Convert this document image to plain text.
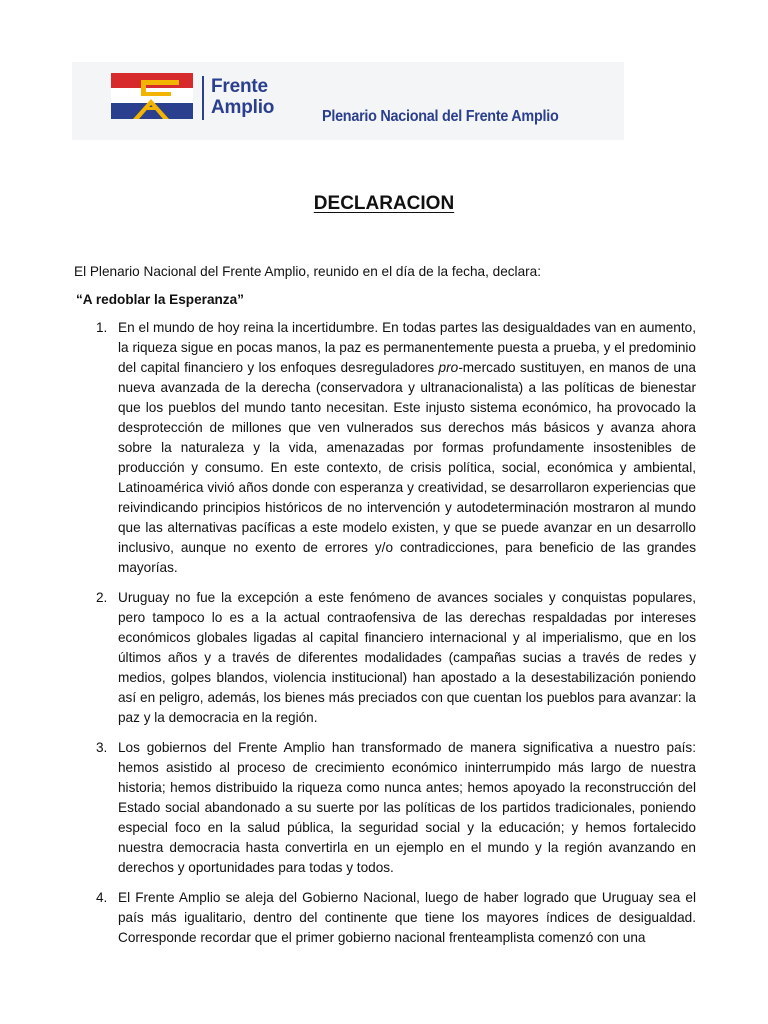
Frente
Amplio	Plenario Nacional del Frente Amplio
DECLARACION
El Plenario Nacional del Frente Amplio, reunido en el día de la fecha, declara:
“A redoblar la Esperanza”
1. En el mundo de hoy reina la incertidumbre. En todas partes las desigualdades van en aumento, la riqueza sigue en pocas manos, la paz es permanentemente puesta a prueba, y el predominio del capital financiero y los enfoques desreguladores pro-mercado sustituyen, en manos de una nueva avanzada de la derecha (conservadora y ultranacionalista) a las políticas de bienestar que los pueblos del mundo tanto necesitan. Este injusto sistema económico, ha provocado la desprotección de millones que ven vulnerados sus derechos más básicos y avanza ahora sobre la naturaleza y la vida, amenazadas por formas profundamente insostenibles de producción y consumo. En este contexto, de crisis política, social, económica y ambiental, Latinoamérica vivió años donde con esperanza y creatividad, se desarrollaron experiencias que reivindicando principios históricos de no intervención y autodeterminación mostraron al mundo que las alternativas pacíficas a este modelo existen, y que se puede avanzar en un desarrollo inclusivo, aunque no exento de errores y/o contradicciones, para beneficio de las grandes mayorías.

2. Uruguay no fue la excepción a este fenómeno de avances sociales y conquistas populares, pero tampoco lo es a la actual contraofensiva de las derechas respaldadas por intereses económicos globales ligadas al capital financiero internacional y al imperialismo, que en los últimos años y a través de diferentes modalidades (campañas sucias a través de redes y medios, golpes blandos, violencia institucional) han apostado a la desestabilización poniendo así en peligro, además, los bienes más preciados con que cuentan los pueblos para avanzar: la paz y la democracia en la región.

3. Los gobiernos del Frente Amplio han transformado de manera significativa a nuestro país: hemos asistido al proceso de crecimiento económico ininterrumpido más largo de nuestra historia; hemos distribuido la riqueza como nunca antes; hemos apoyado la reconstrucción del Estado social abandonado a su suerte por las políticas de los partidos tradicionales, poniendo especial foco en la salud pública, la seguridad social y la educación; y hemos fortalecido nuestra democracia hasta convertirla en un ejemplo en el mundo y la región avanzando en derechos y oportunidades para todas y todos.

4. El Frente Amplio se aleja del Gobierno Nacional, luego de haber logrado que Uruguay sea el país más igualitario, dentro del continente que tiene los mayores índices de desigualdad. Corresponde recordar que el primer gobierno nacional frenteamplista comenzó con una
